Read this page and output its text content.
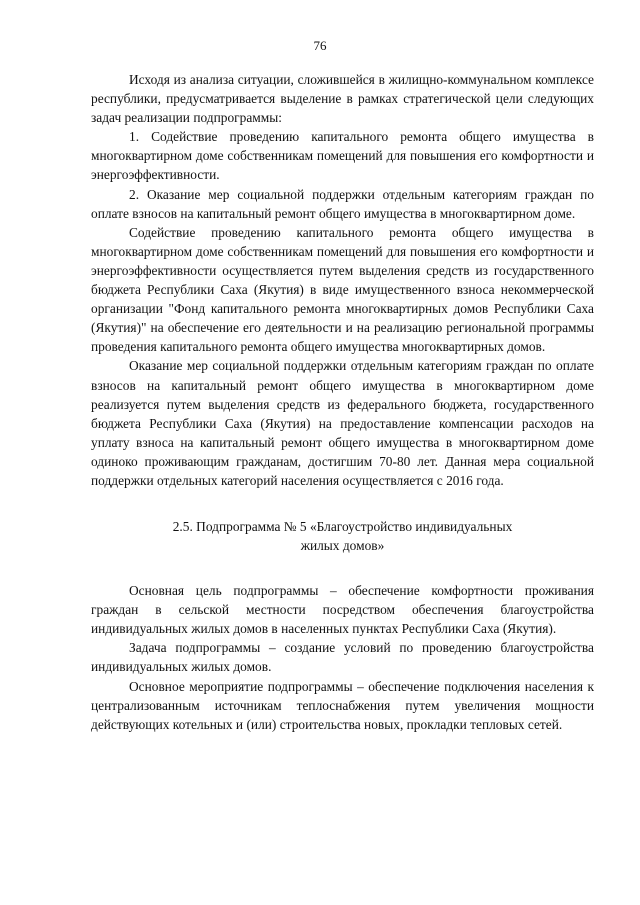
76

Исходя из анализа ситуации, сложившейся в жилищно-коммунальном комплексе республики, предусматривается выделение в рамках стратегической цели следующих задач реализации подпрограммы:

1. Содействие проведению капитального ремонта общего имущества в многоквартирном доме собственникам помещений для повышения его комфортности и энергоэффективности.

2. Оказание мер социальной поддержки отдельным категориям граждан по оплате взносов на капитальный ремонт общего имущества в многоквартирном доме.

Содействие проведению капитального ремонта общего имущества в многоквартирном доме собственникам помещений для повышения его комфортности и энергоэффективности осуществляется путем выделения средств из государственного бюджета Республики Саха (Якутия) в виде имущественного взноса некоммерческой организации "Фонд капитального ремонта многоквартирных домов Республики Саха (Якутия)" на обеспечение его деятельности и на реализацию региональной программы проведения капитального ремонта общего имущества многоквартирных домов.

Оказание мер социальной поддержки отдельным категориям граждан по оплате взносов на капитальный ремонт общего имущества в многоквартирном доме реализуется путем выделения средств из федерального бюджета, государственного бюджета Республики Саха (Якутия) на предоставление компенсации расходов на уплату взноса на капитальный ремонт общего имущества в многоквартирном доме одиноко проживающим гражданам, достигшим 70-80 лет. Данная мера социальной поддержки отдельных категорий населения осуществляется с 2016 года.

2.5. Подпрограмма № 5 «Благоустройство индивидуальных
жилых домов»

Основная цель подпрограммы – обеспечение комфортности проживания граждан в сельской местности посредством обеспечения благоустройства индивидуальных жилых домов в населенных пунктах Республики Саха (Якутия).

Задача подпрограммы – создание условий по проведению благоустройства индивидуальных жилых домов.

Основное мероприятие подпрограммы – обеспечение подключения населения к централизованным источникам теплоснабжения путем увеличения мощности действующих котельных и (или) строительства новых, прокладки тепловых сетей.
